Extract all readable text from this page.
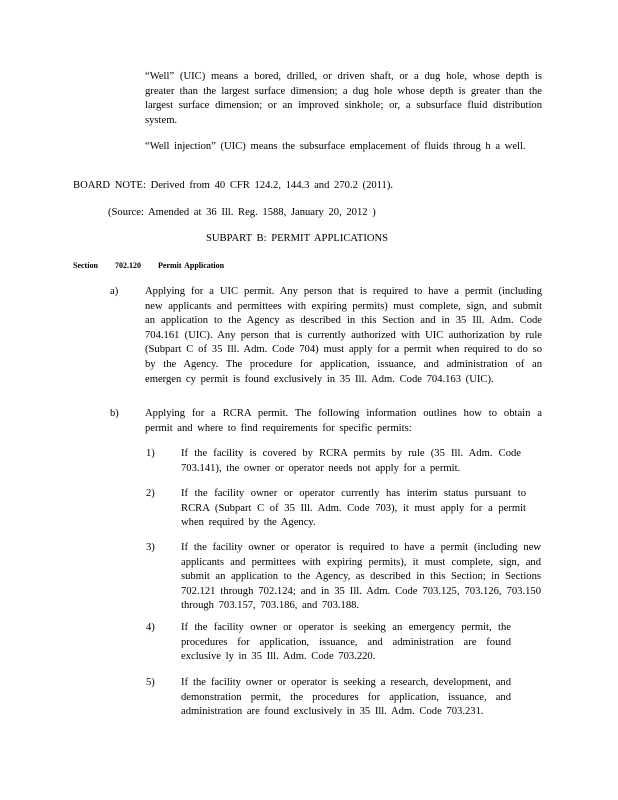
“Well” (UIC) means a bored, drilled, or driven shaft, or a dug hole, whose depth is greater than the largest surface dimension; a dug hole whose depth is greater than the largest surface dimension; or an improved sinkhole; or, a subsurface fluid distribution system.

“Well injection” (UIC) means the subsurface emplacement of fluids throug h a well.

BOARD NOTE: Derived from 40 CFR 124.2, 144.3 and 270.2 (2011).

(Source: Amended at 36 Ill. Reg. 1588, January 20, 2012 )

SUBPART B: PERMIT APPLICATIONS

Section 702.120 Permit Application

a)	Applying for a UIC permit. Any person that is required to have a permit (including new applicants and permittees with expiring permits) must complete, sign, and submit an application to the Agency as described in this Section and in 35 Ill. Adm. Code 704.161 (UIC). Any person that is currently authorized with UIC authorization by rule (Subpart C of 35 Ill. Adm. Code 704) must apply for a permit when required to do so by the Agency. The procedure for application, issuance, and administration of an emergen cy permit is found exclusively in 35 Ill. Adm. Code 704.163 (UIC).

b) Applying for a RCRA permit. The following information outlines how to obtain a permit and where to find requirements for specific permits:

1) If the facility is covered by RCRA permits by rule (35 Ill. Adm. Code 703.141), the owner or operator needs not apply for a permit.

2) If the facility owner or operator currently has interim status pursuant to RCRA (Subpart C of 35 Ill. Adm. Code 703), it must apply for a permit when required by the Agency.

3) If the facility owner or operator is required to have a permit (including new applicants and permittees with expiring permits), it must complete, sign, and submit an application to the Agency, as described in this Section; in Sections 702.121 through 702.124; and in 35 Ill. Adm. Code 703.125, 703.126, 703.150 through 703.157, 703.186, and 703.188.

4) If the facility owner or operator is seeking an emergency permit, the procedures for application, issuance, and administration are found exclusive ly in 35 Ill. Adm. Code 703.220.

5) If the facility owner or operator is seeking a research, development, and demonstration permit, the procedures for application, issuance, and administration are found exclusively in 35 Ill. Adm. Code 703.231.
